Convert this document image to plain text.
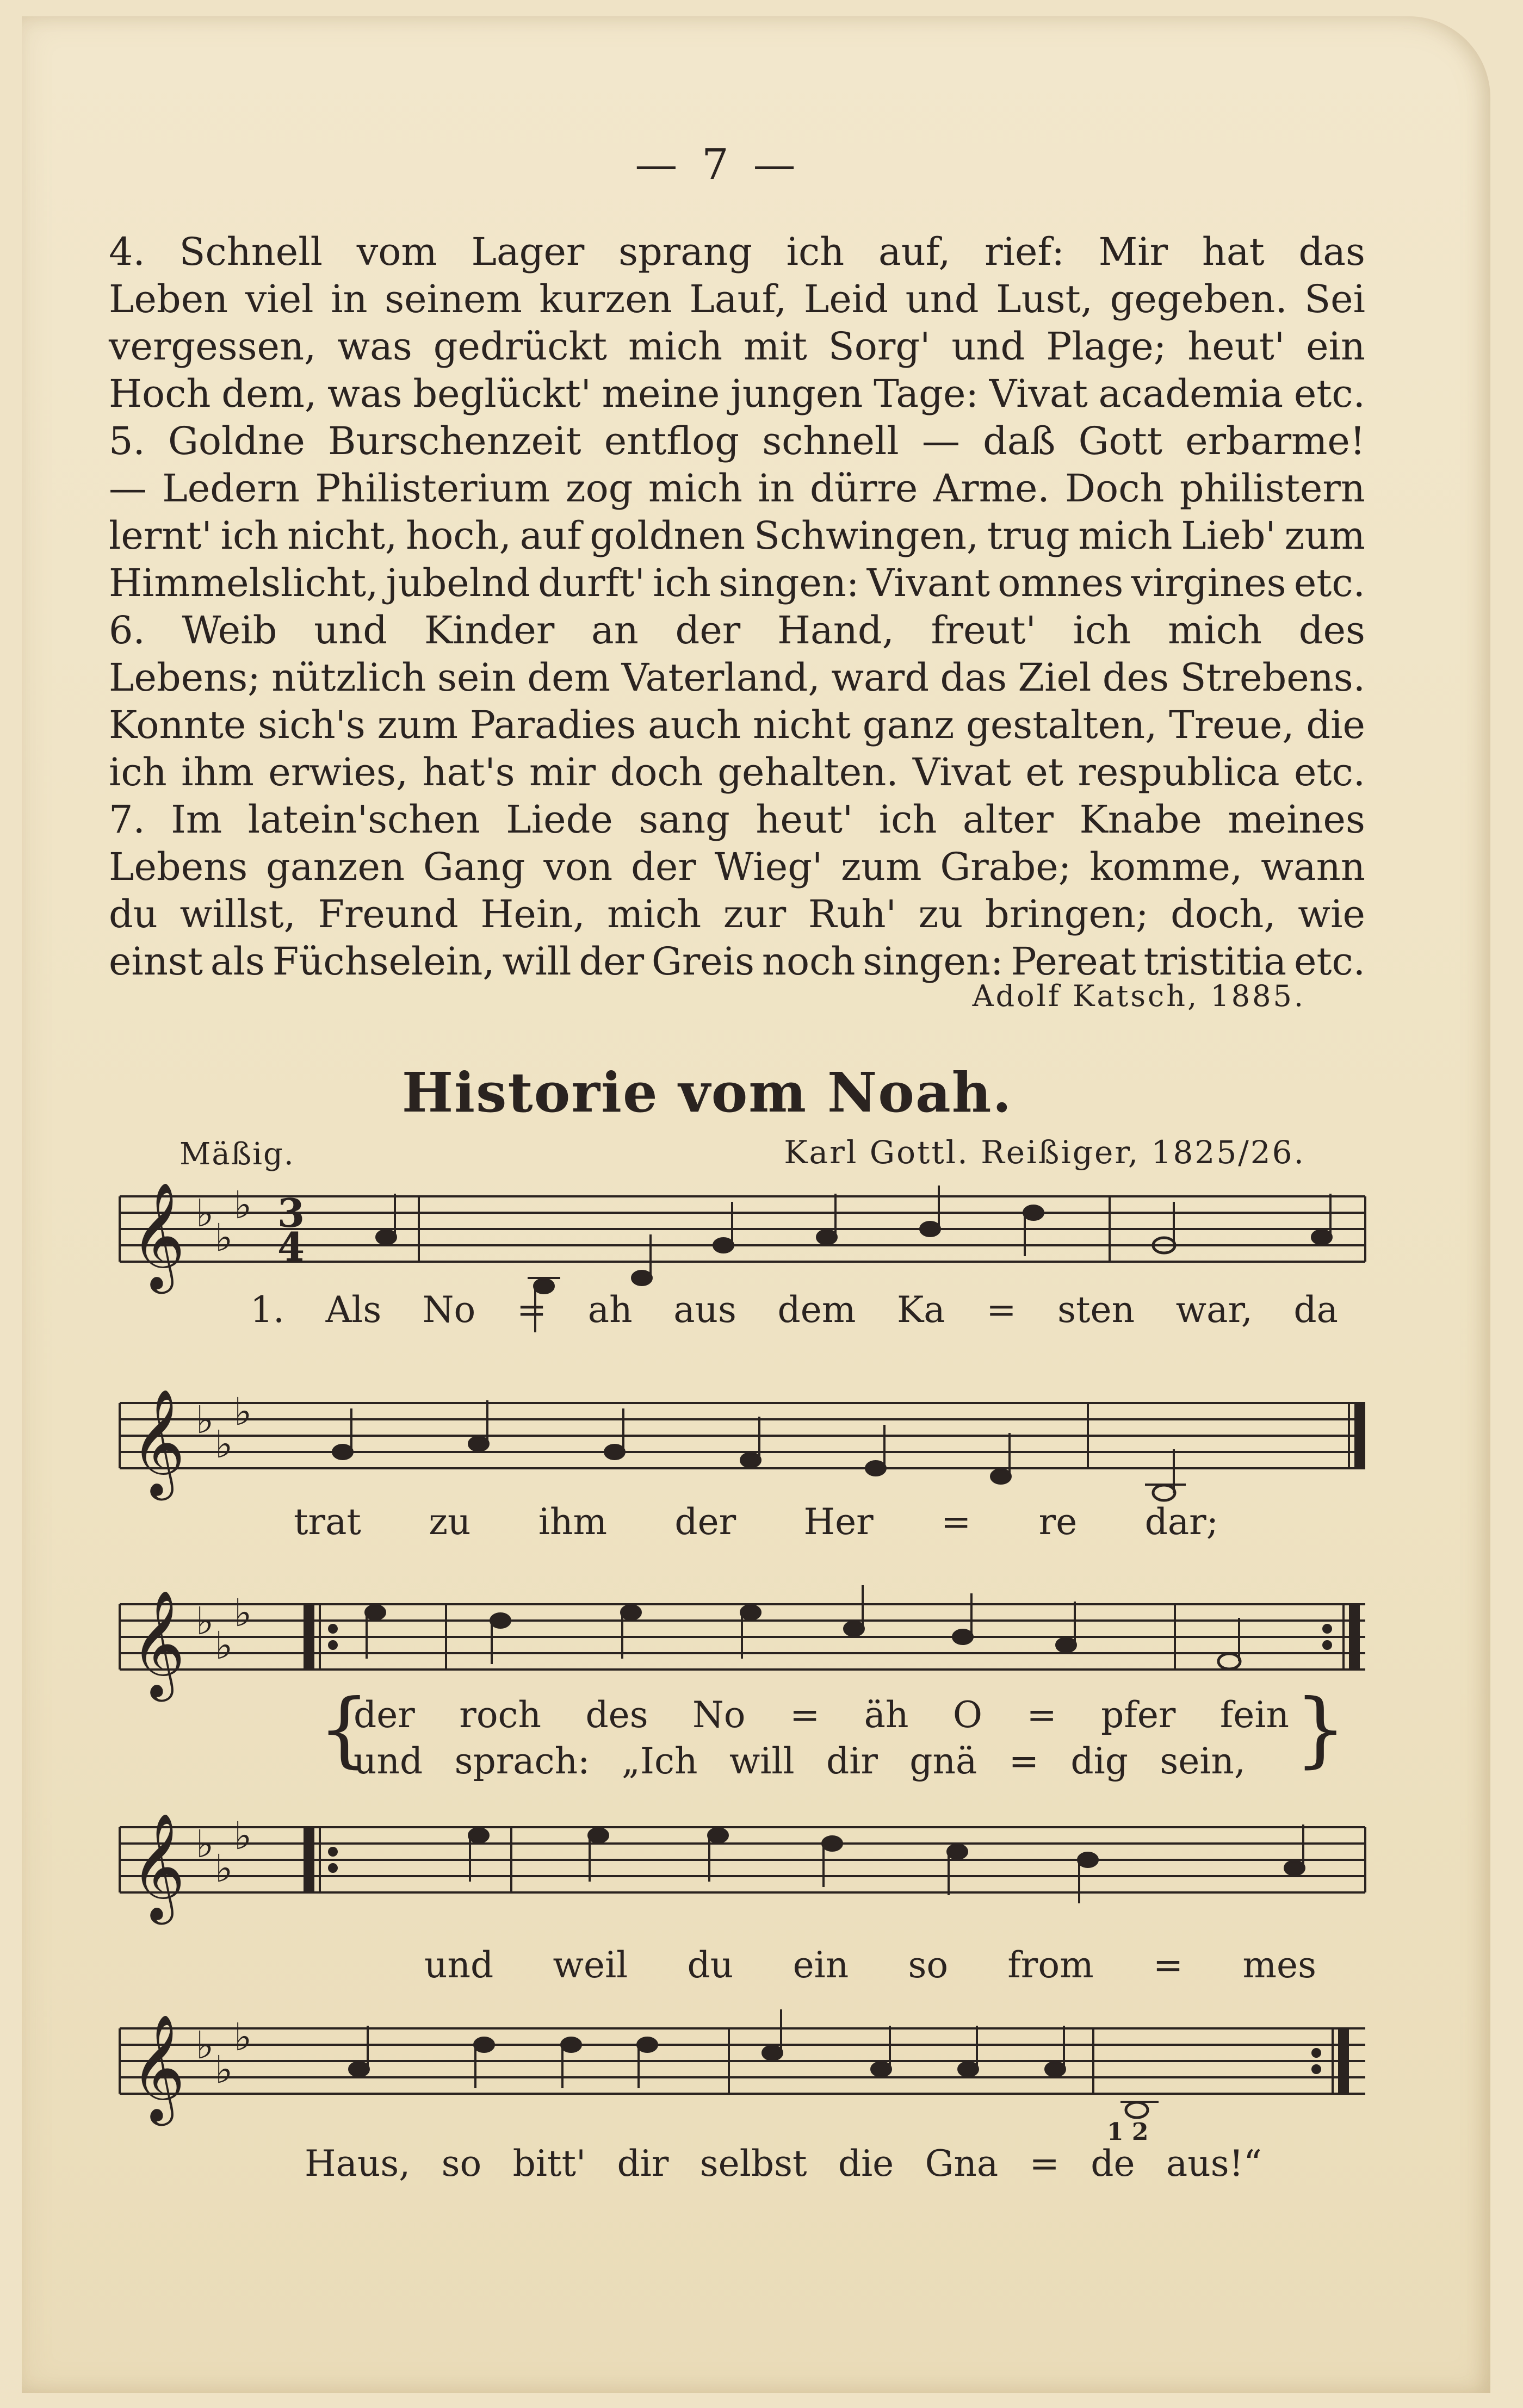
— 7 —
4. Schnell vom Lager sprang ich auf, rief: Mir hat das
Leben viel in seinem kurzen Lauf, Leid und Lust, gegeben. Sei
vergessen, was gedrückt mich mit Sorg' und Plage; heut' ein
Hoch dem, was beglückt' meine jungen Tage: Vivat academia etc.
5. Goldne Burschenzeit entflog schnell — daß Gott erbarme!
— Ledern Philisterium zog mich in dürre Arme. Doch philistern
lernt' ich nicht, hoch, auf goldnen Schwingen, trug mich Lieb' zum
Himmelslicht, jubelnd durft' ich singen: Vivant omnes virgines etc.
6. Weib und Kinder an der Hand, freut' ich mich des
Lebens; nützlich sein dem Vaterland, ward das Ziel des Strebens.
Konnte sich's zum Paradies auch nicht ganz gestalten, Treue, die
ich ihm erwies, hat's mir doch gehalten. Vivat et respublica etc.
7. Im latein'schen Liede sang heut' ich alter Knabe meines
Lebens ganzen Gang von der Wieg' zum Grabe; komme, wann
du willst, Freund Hein, mich zur Ruh' zu bringen; doch, wie
einst als Füchselein, will der Greis noch singen: Pereat tristitia etc.
Adolf Katsch, 1885.
Historie vom Noah.
Mäßig.	Karl Gottl. Reißiger, 1825/26.
𝄞 ♭
♭
♭ 3
4
1. Als No = ah aus dem Ka = sten war, da
𝄞 ♭
♭
♭
trat zu ihm der Her = re dar;
𝄞 ♭
♭
♭
{
der roch des No = äh O = pfer fein
und sprach: „Ich will dir gnä = dig sein, }
𝄞 ♭
♭
♭
und weil du ein so from = mes
𝄞 ♭
♭
♭
1 2
Haus, so bitt' dir selbst die Gna = de aus!“
